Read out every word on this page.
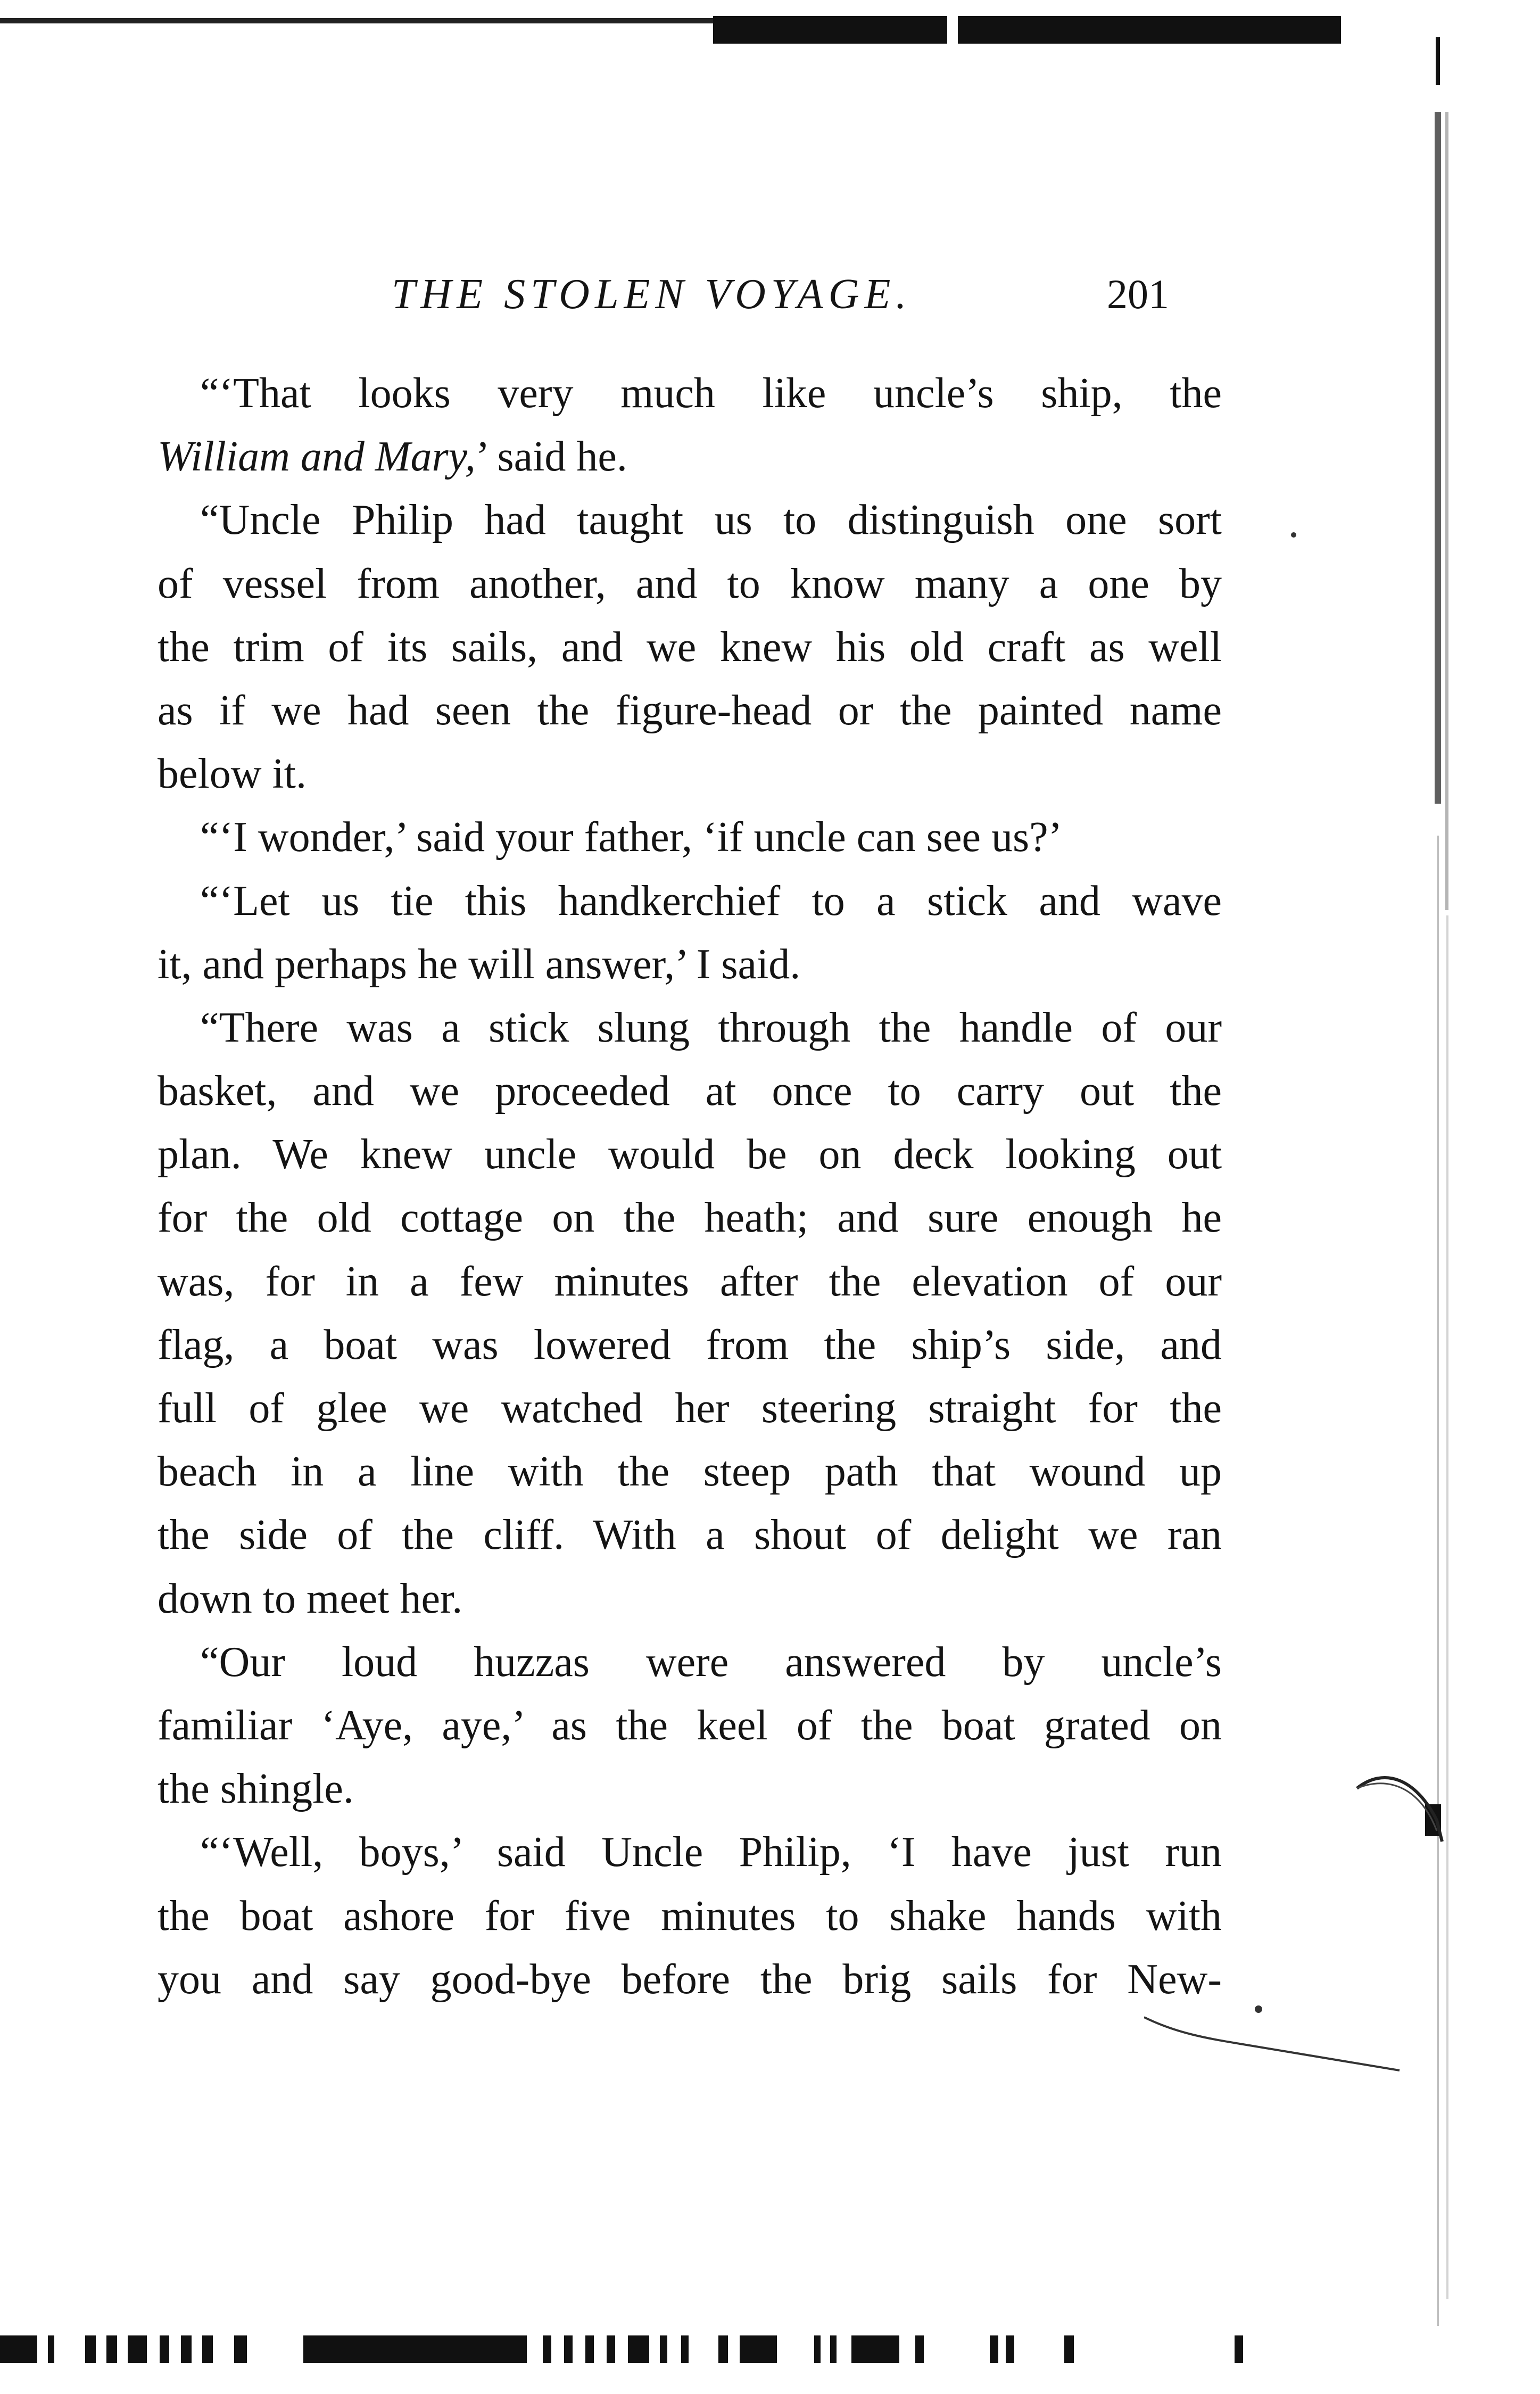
THE STOLEN VOYAGE.	201
“‘That looks very much like uncle’s ship, the
William and Mary,’ said he.
“Uncle Philip had taught us to distinguish one sort
of vessel from another, and to know many a one by
the trim of its sails, and we knew his old craft as well
as if we had seen the figure-head or the painted name
below it.
“‘I wonder,’ said your father, ‘if uncle can see us?’
“‘Let us tie this handkerchief to a stick and wave
it, and perhaps he will answer,’ I said.
“There was a stick slung through the handle of our
basket, and we proceeded at once to carry out the
plan. We knew uncle would be on deck looking out
for the old cottage on the heath; and sure enough he
was, for in a few minutes after the elevation of our
flag, a boat was lowered from the ship’s side, and
full of glee we watched her steering straight for the
beach in a line with the steep path that wound up
the side of the cliff. With a shout of delight we ran
down to meet her.
“Our loud huzzas were answered by uncle’s
familiar ‘Aye, aye,’ as the keel of the boat grated on
the shingle.
“‘Well, boys,’ said Uncle Philip, ‘I have just run
the boat ashore for five minutes to shake hands with
you and say good-bye before the brig sails for New-
